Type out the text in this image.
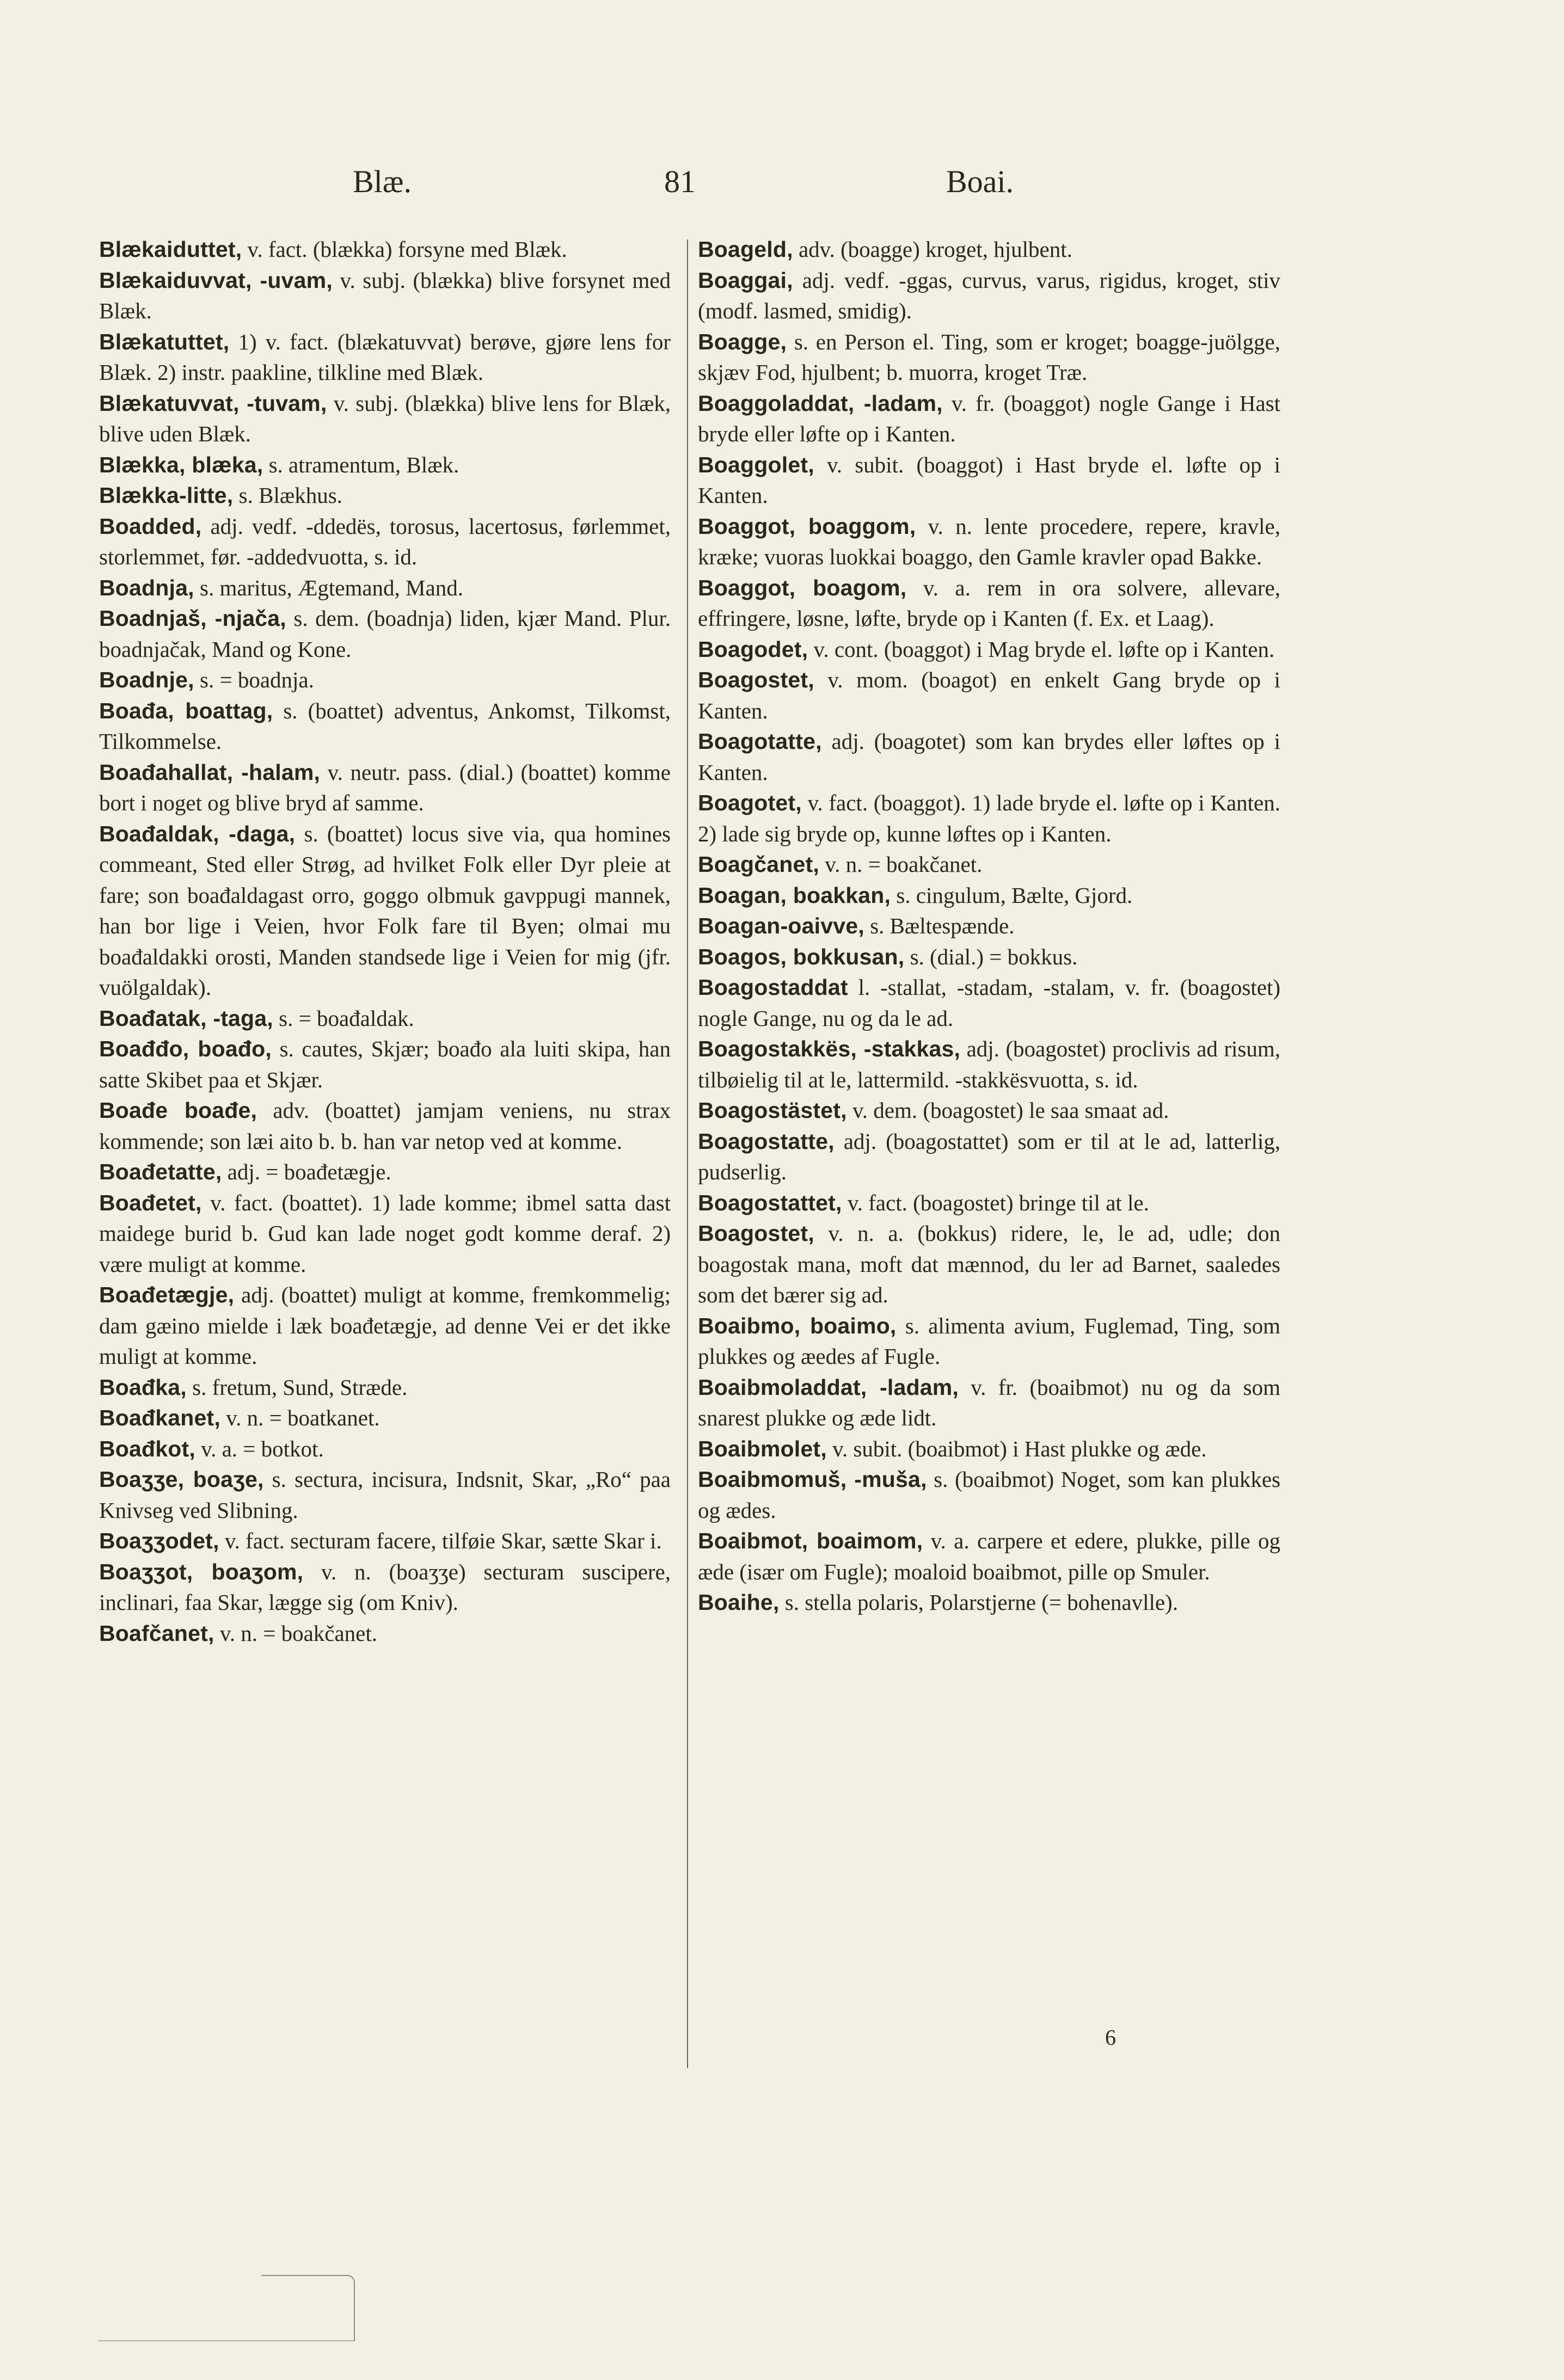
Blæ.	81	Boai.

Blækaiduttet, v. fact. (blækka) forsyne med Blæk.

Blækaiduvvat, -uvam, v. subj. (blækka) blive forsynet med Blæk.

Blækatuttet, 1) v. fact. (blækatuvvat) berøve, gjøre lens for Blæk. 2) instr. paakline, tilkline med Blæk.

Blækatuvvat, -tuvam, v. subj. (blækka) blive lens for Blæk, blive uden Blæk.

Blækka, blæka, s. atramentum, Blæk.

Blækka-litte, s. Blækhus.

Boadded, adj. vedf. -ddedës, torosus, lacertosus, førlemmet, storlemmet, før. -addedvuotta, s. id.

Boadnja, s. maritus, Ægtemand, Mand.

Boadnjaš, -njača, s. dem. (boadnja) liden, kjær Mand. Plur. boadnjačak, Mand og Kone.

Boadnje, s. = boadnja.

Boađa, boattag, s. (boattet) adventus, Ankomst, Tilkomst, Tilkommelse.

Boađahallat, -halam, v. neutr. pass. (dial.) (boattet) komme bort i noget og blive bryd af samme.

Boađaldak, -daga, s. (boattet) locus sive via, qua homines commeant, Sted eller Strøg, ad hvilket Folk eller Dyr pleie at fare; son boađaldagast orro, goggo olbmuk gavppugi mannek, han bor lige i Veien, hvor Folk fare til Byen; olmai mu boađaldakki orosti, Manden standsede lige i Veien for mig (jfr. vuölgaldak).

Boađatak, -taga, s. = boađaldak.

Boađđo, boađo, s. cautes, Skjær; boađo ala luiti skipa, han satte Skibet paa et Skjær.

Boađe boađe, adv. (boattet) jamjam veniens, nu strax kommende; son læi aito b. b. han var netop ved at komme.

Boađetatte, adj. = boađetægje.

Boađetet, v. fact. (boattet). 1) lade komme; ibmel satta dast maidege burid b. Gud kan lade noget godt komme deraf. 2) være muligt at komme.

Boađetægje, adj. (boattet) muligt at komme, fremkommelig; dam gæino mielde i læk boađetægje, ad denne Vei er det ikke muligt at komme.

Boađka, s. fretum, Sund, Stræde.

Boađkanet, v. n. = boatkanet.

Boađkot, v. a. = botkot.

Boaʒʒe, boaʒe, s. sectura, incisura, Indsnit, Skar, „Ro“ paa Knivseg ved Slibning.

Boaʒʒodet, v. fact. secturam facere, tilføie Skar, sætte Skar i.

Boaʒʒot, boaʒom, v. n. (boaʒʒe) secturam suscipere, inclinari, faa Skar, lægge sig (om Kniv).

Boafčanet, v. n. = boakčanet.

Boageld, adv. (boagge) kroget, hjulbent.

Boaggai, adj. vedf. -ggas, curvus, varus, rigidus, kroget, stiv (modf. lasmed, smidig).

Boagge, s. en Person el. Ting, som er kroget; boagge-juölgge, skjæv Fod, hjulbent; b. muorra, kroget Træ.

Boaggoladdat, -ladam, v. fr. (boaggot) nogle Gange i Hast bryde eller løfte op i Kanten.

Boaggolet, v. subit. (boaggot) i Hast bryde el. løfte op i Kanten.

Boaggot, boaggom, v. n. lente procedere, repere, kravle, kræke; vuoras luokkai boaggo, den Gamle kravler opad Bakke.

Boaggot, boagom, v. a. rem in ora solvere, allevare, effringere, løsne, løfte, bryde op i Kanten (f. Ex. et Laag).

Boagodet, v. cont. (boaggot) i Mag bryde el. løfte op i Kanten.

Boagostet, v. mom. (boagot) en enkelt Gang bryde op i Kanten.

Boagotatte, adj. (boagotet) som kan brydes eller løftes op i Kanten.

Boagotet, v. fact. (boaggot). 1) lade bryde el. løfte op i Kanten. 2) lade sig bryde op, kunne løftes op i Kanten.

Boagčanet, v. n. = boakčanet.

Boagan, boakkan, s. cingulum, Bælte, Gjord.

Boagan-oaivve, s. Bæltespænde.

Boagos, bokkusan, s. (dial.) = bokkus.

Boagostaddat l. -stallat, -stadam, -stalam, v. fr. (boagostet) nogle Gange, nu og da le ad.

Boagostakkës, -stakkas, adj. (boagostet) proclivis ad risum, tilbøielig til at le, lattermild. -stakkësvuotta, s. id.

Boagostästet, v. dem. (boagostet) le saa smaat ad.

Boagostatte, adj. (boagostattet) som er til at le ad, latterlig, pudserlig.

Boagostattet, v. fact. (boagostet) bringe til at le.

Boagostet, v. n. a. (bokkus) ridere, le, le ad, udle; don boagostak mana, moft dat mænnod, du ler ad Barnet, saaledes som det bærer sig ad.

Boaibmo, boaimo, s. alimenta avium, Fuglemad, Ting, som plukkes og æedes af Fugle.

Boaibmoladdat, -ladam, v. fr. (boaibmot) nu og da som snarest plukke og æde lidt.

Boaibmolet, v. subit. (boaibmot) i Hast plukke og æde.

Boaibmomuš, -muša, s. (boaibmot) Noget, som kan plukkes og ædes.

Boaibmot, boaimom, v. a. carpere et edere, plukke, pille og æde (især om Fugle); moaloid boaibmot, pille op Smuler.

Boaihe, s. stella polaris, Polarstjerne (= bohenavlle).

6
